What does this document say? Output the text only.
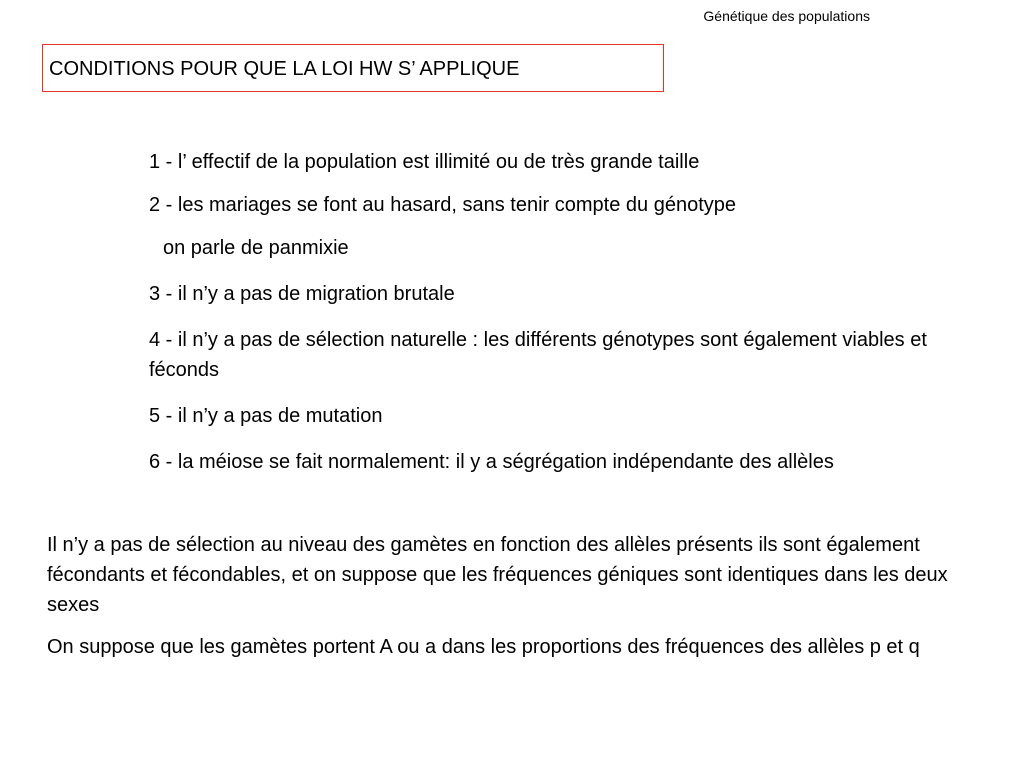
Génétique des populations
CONDITIONS POUR QUE LA LOI HW S’ APPLIQUE
1 - l’ effectif de la population est illimité ou de très grande taille
2 - les mariages se font au hasard, sans tenir compte du génotype
on parle de panmixie
3 - il n’y a pas de migration brutale
4 - il n’y a pas de sélection naturelle : les différents génotypes sont également viables et féconds
5 - il n’y a pas de mutation
6 - la méiose se fait normalement: il y a ségrégation indépendante des allèles
Il n’y a pas de sélection au niveau des gamètes en fonction des allèles présents ils sont également fécondants et fécondables, et on suppose que les fréquences géniques sont identiques dans les deux sexes
On suppose que les gamètes portent A ou a dans les proportions des fréquences des allèles p et q
